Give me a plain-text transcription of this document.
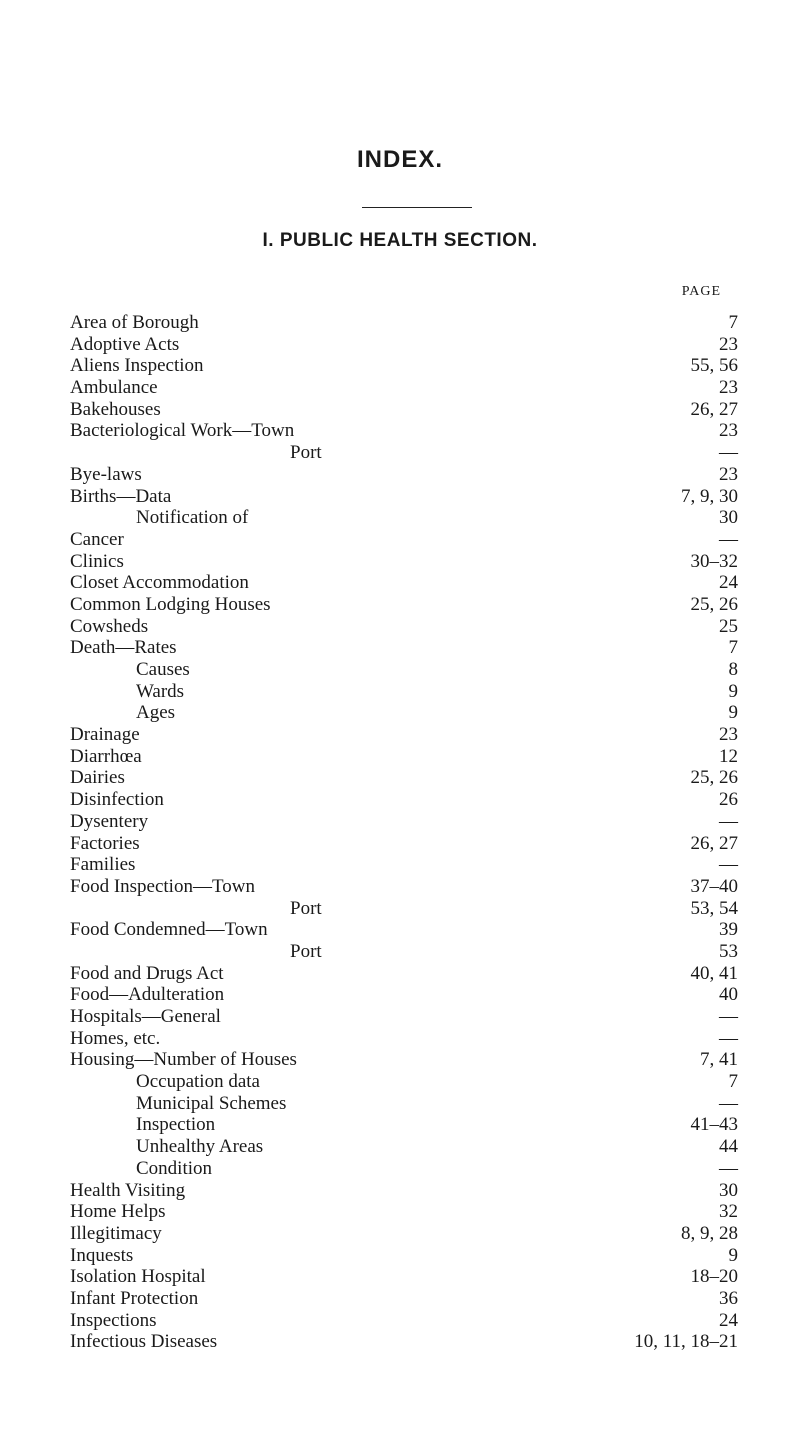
INDEX.
I. PUBLIC HEALTH SECTION.
PAGE
Area of Borough	7
Adoptive Acts	23
Aliens Inspection	55, 56
Ambulance	23
Bakehouses	26, 27
Bacteriological Work—Town	23
Port	—
Bye-laws	23
Births—Data	7, 9, 30
Notification of	30
Cancer	—
Clinics	30–32
Closet Accommodation	24
Common Lodging Houses	25, 26
Cowsheds	25
Death—Rates	7
Causes	8
Wards	9
Ages	9
Drainage	23
Diarrhœa	12
Dairies	25, 26
Disinfection	26
Dysentery	—
Factories	26, 27
Families	—
Food Inspection—Town	37–40
Port	53, 54
Food Condemned—Town	39
Port	53
Food and Drugs Act	40, 41
Food—Adulteration	40
Hospitals—General	—
Homes, etc.	—
Housing—Number of Houses	7, 41
Occupation data	7
Municipal Schemes	—
Inspection	41–43
Unhealthy Areas	44
Condition	—
Health Visiting	30
Home Helps	32
Illegitimacy	8, 9, 28
Inquests	9
Isolation Hospital	18–20
Infant Protection	36
Inspections	24
Infectious Diseases	10, 11, 18–21
